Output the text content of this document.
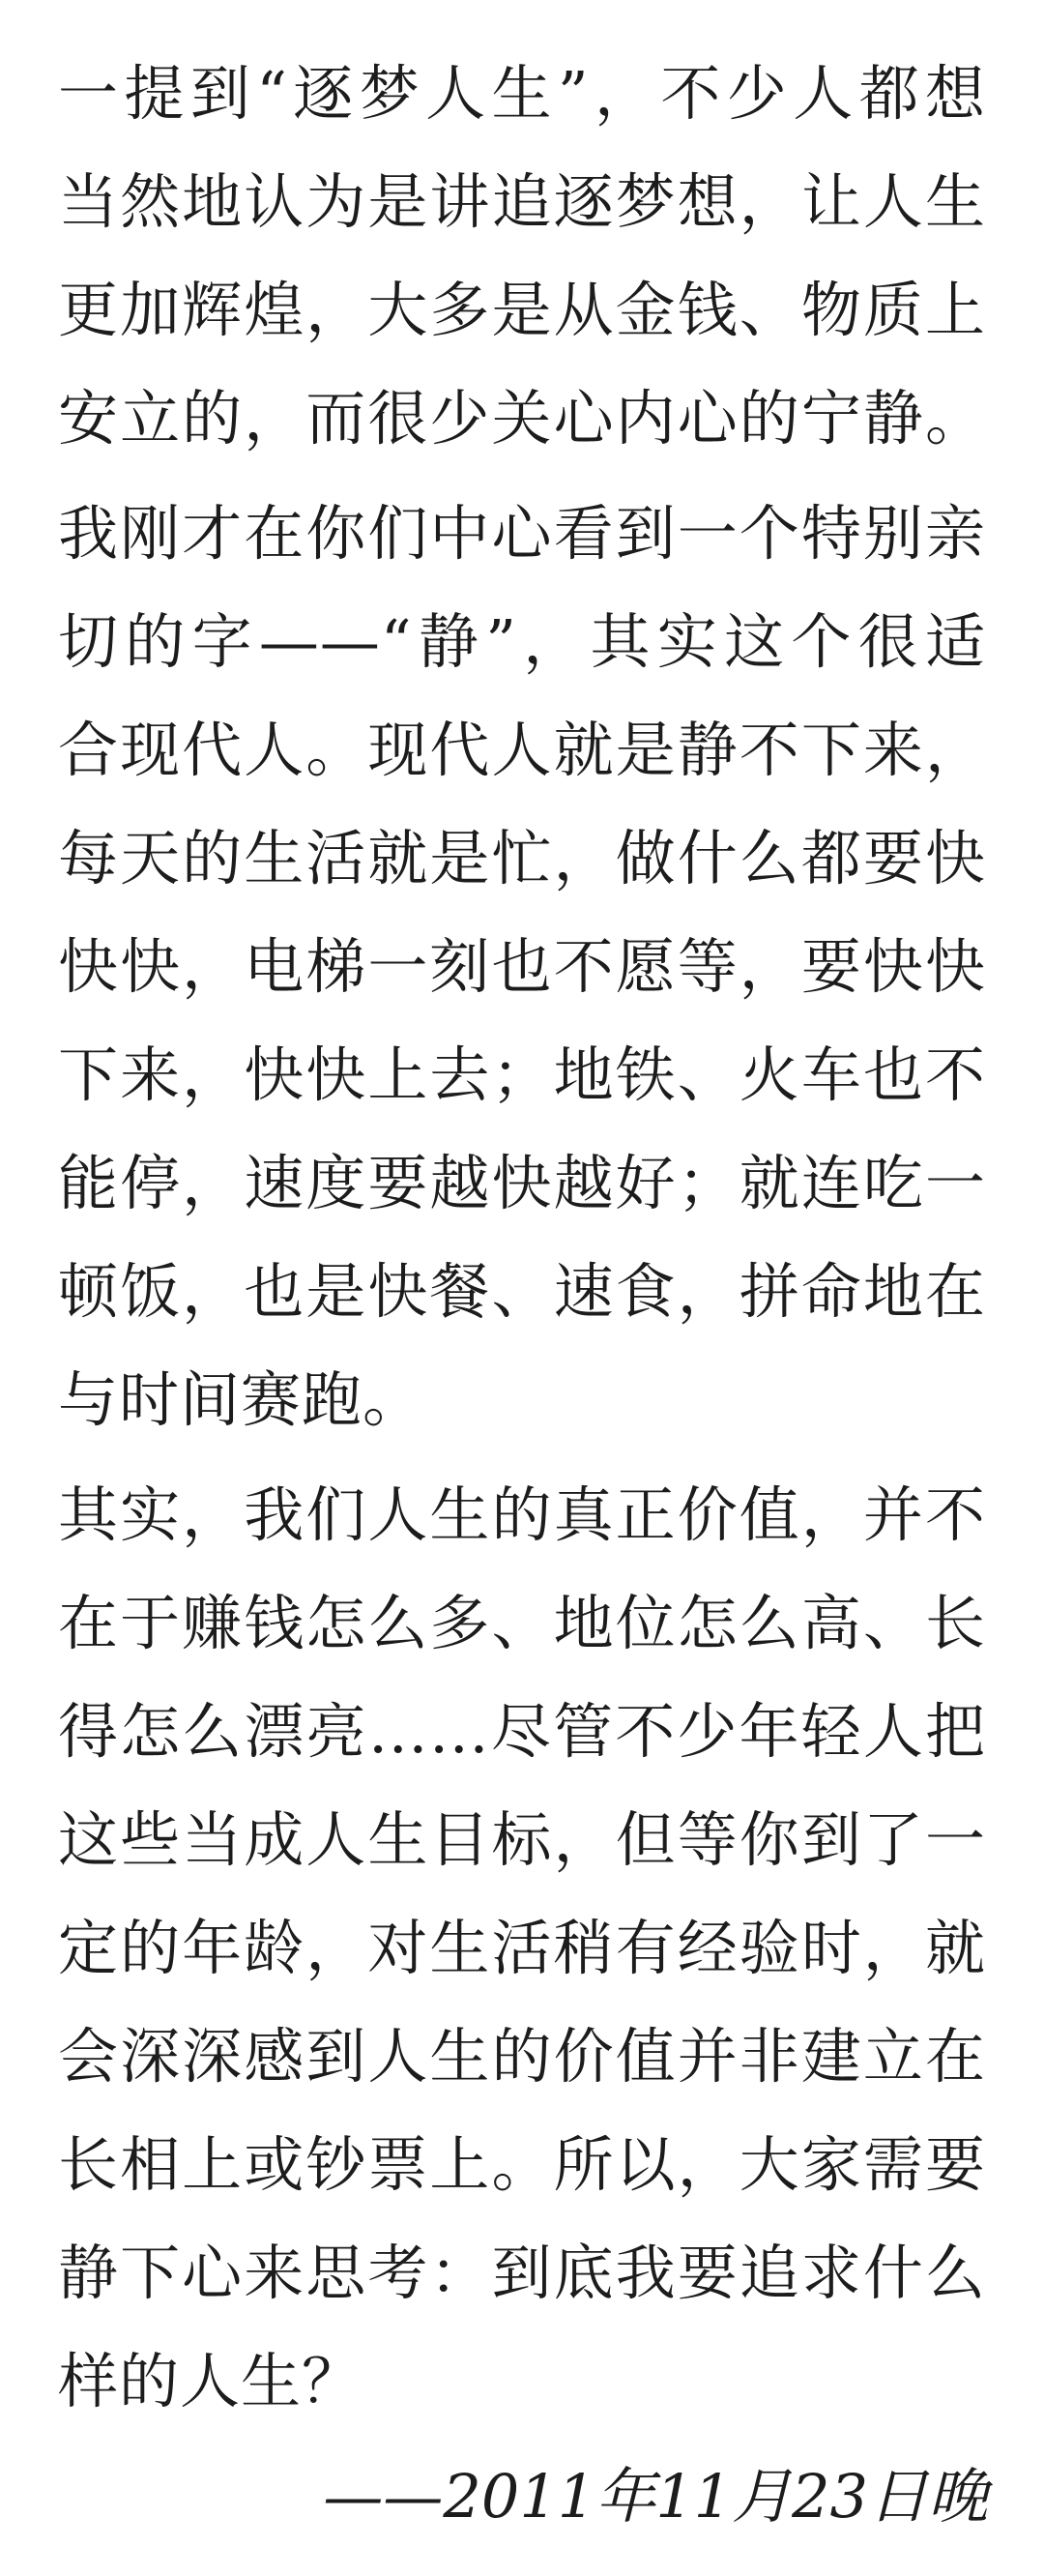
一提到“逐梦人生”，不少人都想
当然地认为是讲追逐梦想，让人生
更加辉煌，大多是从金钱、物质上
安立的，而很少关心内心的宁静。
我刚才在你们中心看到一个特别亲
切的字——“静”，其实这个很适
合现代人。现代人就是静不下来，
每天的生活就是忙，做什么都要快
快快，电梯一刻也不愿等，要快快
下来，快快上去；地铁、火车也不
能停，速度要越快越好；就连吃一
顿饭，也是快餐、速食，拼命地在
与时间赛跑。
其实，我们人生的真正价值，并不
在于赚钱怎么多、地位怎么高、长
得怎么漂亮……尽管不少年轻人把
这些当成人生目标，但等你到了一
定的年龄，对生活稍有经验时，就
会深深感到人生的价值并非建立在
长相上或钞票上。所以，大家需要
静下心来思考：到底我要追求什么
样的人生？
——2011年11月23日晚
